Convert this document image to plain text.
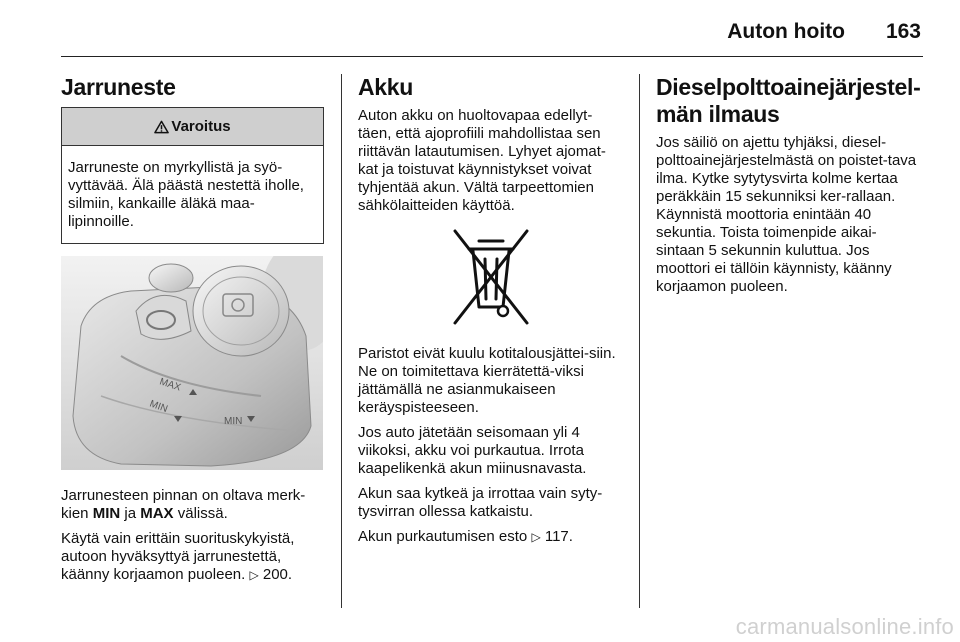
Auton hoito 163
Jarruneste
Varoitus
Jarruneste on myrkyllistä ja syö-vyttävää. Älä päästä nestettä iholle, silmiin, kankaille äläkä maa-lipinnoille.
MAX
MIN
MIN

Jarrunesteen pinnan on oltava merk-kien MIN ja MAX välissä.

Käytä vain erittäin suorituskykyistä, autoon hyväksyttyä jarrunestettä, käänny korjaamon puoleen. ▷ 200.

Akku

Auton akku on huoltovapaa edellyt-täen, että ajoprofiili mahdollistaa sen riittävän latautumisen. Lyhyet ajomat-kat ja toistuvat käynnistykset voivat tyhjentää akun. Vältä tarpeettomien sähkölaitteiden käyttöä.

Paristot eivät kuulu kotitalousjättei-siin. Ne on toimitettava kierrätettä-viksi jättämällä ne asianmukaiseen keräyspisteeseen.

Jos auto jätetään seisomaan yli 4 viikoksi, akku voi purkautua. Irrota kaapelikenkä akun miinusnavasta.

Akun saa kytkeä ja irrottaa vain syty-tysvirran ollessa katkaistu.

Akun purkautumisen esto ▷ 117.

Dieselpolttoainejärjestel-män ilmaus

Jos säiliö on ajettu tyhjäksi, diesel-polttoainejärjestelmästä on poistet-tava ilma. Kytke sytytysvirta kolme kertaa peräkkäin 15 sekunniksi ker-rallaan. Käynnistä moottoria enintään 40 sekuntia. Toista toimenpide aikai-sintaan 5 sekunnin kuluttua. Jos moottori ei tällöin käynnisty, käänny korjaamon puoleen.

carmanualsonline.info
